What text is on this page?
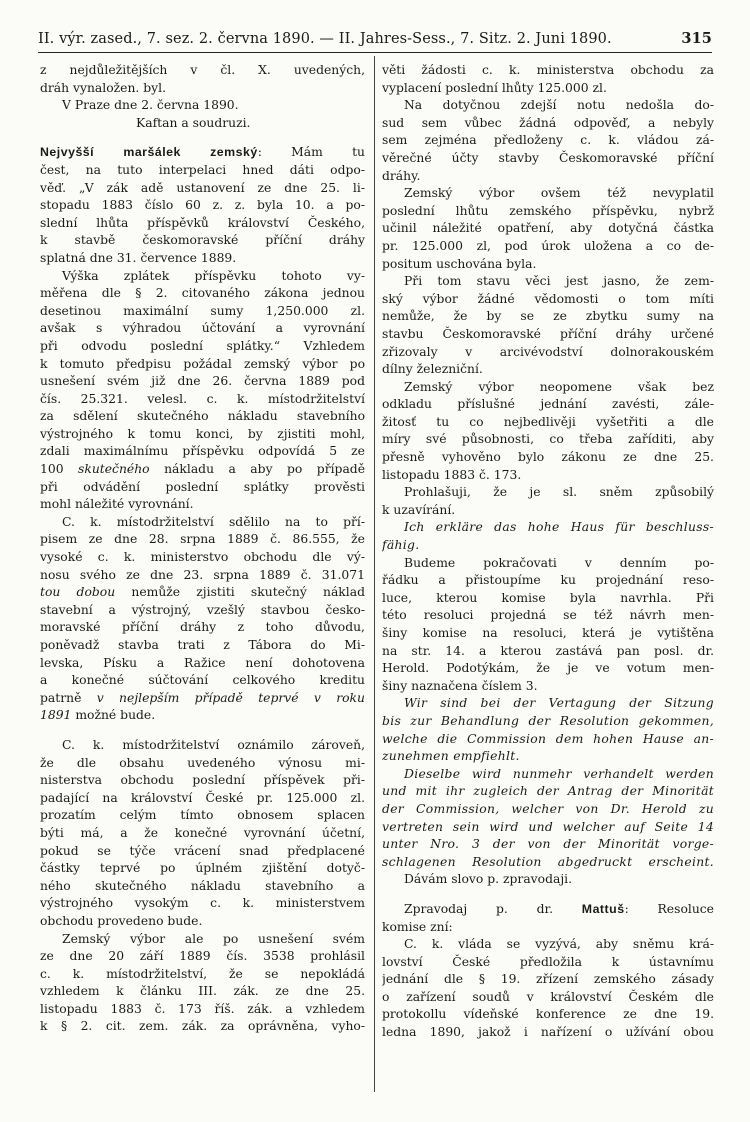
II. výr. zased., 7. sez. 2. června 1890. — II. Jahres-Sess., 7. Sitz. 2. Juni 1890.	315
z nejdůležitějších v čl. X. uvedených,
dráh vynaložen. byl.
V Praze dne 2. června 1890.
Kaftan a soudruzi.
Nejvyšší maršálek zemský: Mám tu
čest, na tuto interpelaci hned dáti odpo-
věď. „V zák adě ustanovení ze dne 25. li-
stopadu 1883 číslo 60 z. z. byla 10. a po-
slední lhůta příspěvků království Českého,
k stavbě českomoravské příční dráhy
splatná dne 31. července 1889.
Výška zplátek příspěvku tohoto vy-
měřena dle § 2. citovaného zákona jednou
desetinou maximální sumy 1,250.000 zl.
avšak s výhradou účtování a vyrovnání
při odvodu poslední splátky.“ Vzhledem
k tomuto předpisu požádal zemský výbor po
usnešení svém již dne 26. června 1889 pod
čís. 25.321. velesl. c. k. místodržitelství
za sdělení skutečného nákladu stavebního
výstrojného k tomu konci, by zjistiti mohl,
zdali maximálnímu příspěvku odpovídá 5 ze
100 skutečného nákladu a aby po případě
při odvádění poslední splátky prověsti
mohl náležité vyrovnání.
C. k. místodržitelství sdělilo na to pří-
pisem ze dne 28. srpna 1889 č. 86.555, že
vysoké c. k. ministerstvo obchodu dle vý-
nosu svého ze dne 23. srpna 1889 č. 31.071
tou dobou nemůže zjistiti skutečný náklad
stavební a výstrojný, vzešlý stavbou česko-
moravské příční dráhy z toho důvodu,
poněvadž stavba trati z Tábora do Mi-
levska, Písku a Ražice není dohotovena
a konečné súčtování celkového kreditu
patrně v nejlepším případě teprvé v roku
1891 možné bude.
C. k. místodržitelství oznámilo zároveň,
že dle obsahu uvedeného výnosu mi-
nisterstva obchodu poslední příspěvek při-
padající na království České pr. 125.000 zl.
prozatím celým tímto obnosem splacen
býti má, a že konečné vyrovnání účetní,
pokud se týče vrácení snad předplacené
částky teprvé po úplném zjištění dotyč-
ného skutečného nákladu stavebního a
výstrojného vysokým c. k. ministerstvem
obchodu provedeno bude.
Zemský výbor ale po usnešení svém
ze dne 20 září 1889 čís. 3538 prohlásil
c. k. místodržitelství, že se nepokládá
vzhledem k článku III. zák. ze dne 25.
listopadu 1883 č. 173 říš. zák. a vzhledem
k § 2. cit. zem. zák. za oprávněna, vyho-
věti žádosti c. k. ministerstva obchodu za
vyplacení poslední lhůty 125.000 zl.
Na dotyčnou zdejší notu nedošla do-
sud sem vůbec žádná odpověď, a nebyly
sem zejména předloženy c. k. vládou zá-
věrečné účty stavby Českomoravské příční
dráhy.
Zemský výbor ovšem též nevyplatil
poslední lhůtu zemského příspěvku, nybrž
učinil náležité opatření, aby dotyčná částka
pr. 125.000 zl, pod úrok uložena a co de-
positum uschována byla.
Při tom stavu věci jest jasno, že zem-
ský výbor žádné vědomosti o tom míti
nemůže, že by se ze zbytku sumy na
stavbu Českomoravské příční dráhy určené
zřizovaly v arcivévodství dolnorakouském
dílny železniční.
Zemský výbor neopomene však bez
odkladu příslušné jednání zavésti, zále-
žitosť tu co nejbedlivěji vyšetřiti a dle
míry své působnosti, co třeba zaříditi, aby
přesně vyhověno bylo zákonu ze dne 25.
listopadu 1883 č. 173.
Prohlašuji, že je sl. sněm způsobilý
k uzavírání.
Ich erkläre das hohe Haus für beschluss-
fähig.
Budeme pokračovati v denním po-
řádku a přistoupíme ku projednání reso-
luce, kterou komise byla navrhla. Při
této resoluci projedná se též návrh men-
šiny komise na resoluci, která je vytištěna
na str. 14. a kterou zastává pan posl. dr.
Herold. Podotýkám, že je ve votum men-
šiny naznačena číslem 3.
Wir sind bei der Vertagung der Sitzung
bis zur Behandlung der Resolution gekommen,
welche die Commission dem hohen Hause an-
zunehmen empfiehlt.
Dieselbe wird nunmehr verhandelt werden
und mit ihr zugleich der Antrag der Minorität
der Commission, welcher von Dr. Herold zu
vertreten sein wird und welcher auf Seite 14
unter Nro. 3 der von der Minorität vorge-
schlagenen Resolution abgedruckt erscheint.
Dávám slovo p. zpravodaji.
Zpravodaj p. dr. Mattuš: Resoluce
komise zní:
C. k. vláda se vyzývá, aby sněmu krá-
lovství České předložila k ústavnímu
jednání dle § 19. zřízení zemského zásady
o zařízení soudů v království Českém dle
protokollu vídeňské konference ze dne 19.
ledna 1890, jakož i nařízení o užívání obou
